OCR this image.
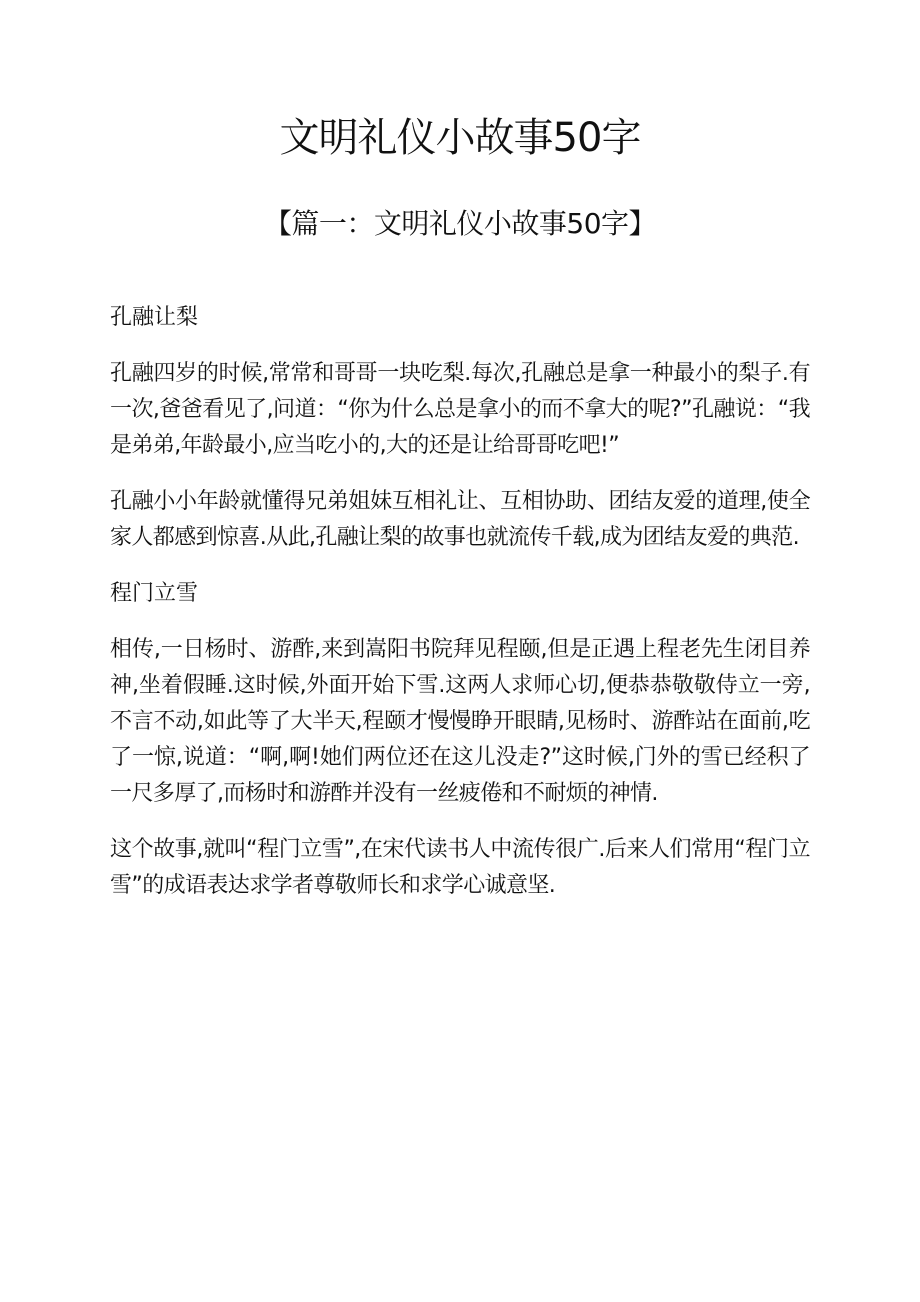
文明礼仪小故事50字
【篇一：文明礼仪小故事50字】

孔融让梨

孔融四岁的时候,常常和哥哥一块吃梨.每次,孔融总是拿一种最小的梨子.有一次,爸爸看见了,问道：“你为什么总是拿小的而不拿大的呢?”孔融说：“我是弟弟,年龄最小,应当吃小的,大的还是让给哥哥吃吧!”

孔融小小年龄就懂得兄弟姐妹互相礼让、互相协助、团结友爱的道理,使全家人都感到惊喜.从此,孔融让梨的故事也就流传千载,成为团结友爱的典范.

程门立雪

相传,一日杨时、游酢,来到嵩阳书院拜见程颐,但是正遇上程老先生闭目养神,坐着假睡.这时候,外面开始下雪.这两人求师心切,便恭恭敬敬侍立一旁,不言不动,如此等了大半天,程颐才慢慢睁开眼睛,见杨时、游酢站在面前,吃了一惊,说道：“啊,啊!她们两位还在这儿没走?”这时候,门外的雪已经积了一尺多厚了,而杨时和游酢并没有一丝疲倦和不耐烦的神情.

这个故事,就叫“程门立雪”,在宋代读书人中流传很广.后来人们常用“程门立雪”的成语表达求学者尊敬师长和求学心诚意坚.
